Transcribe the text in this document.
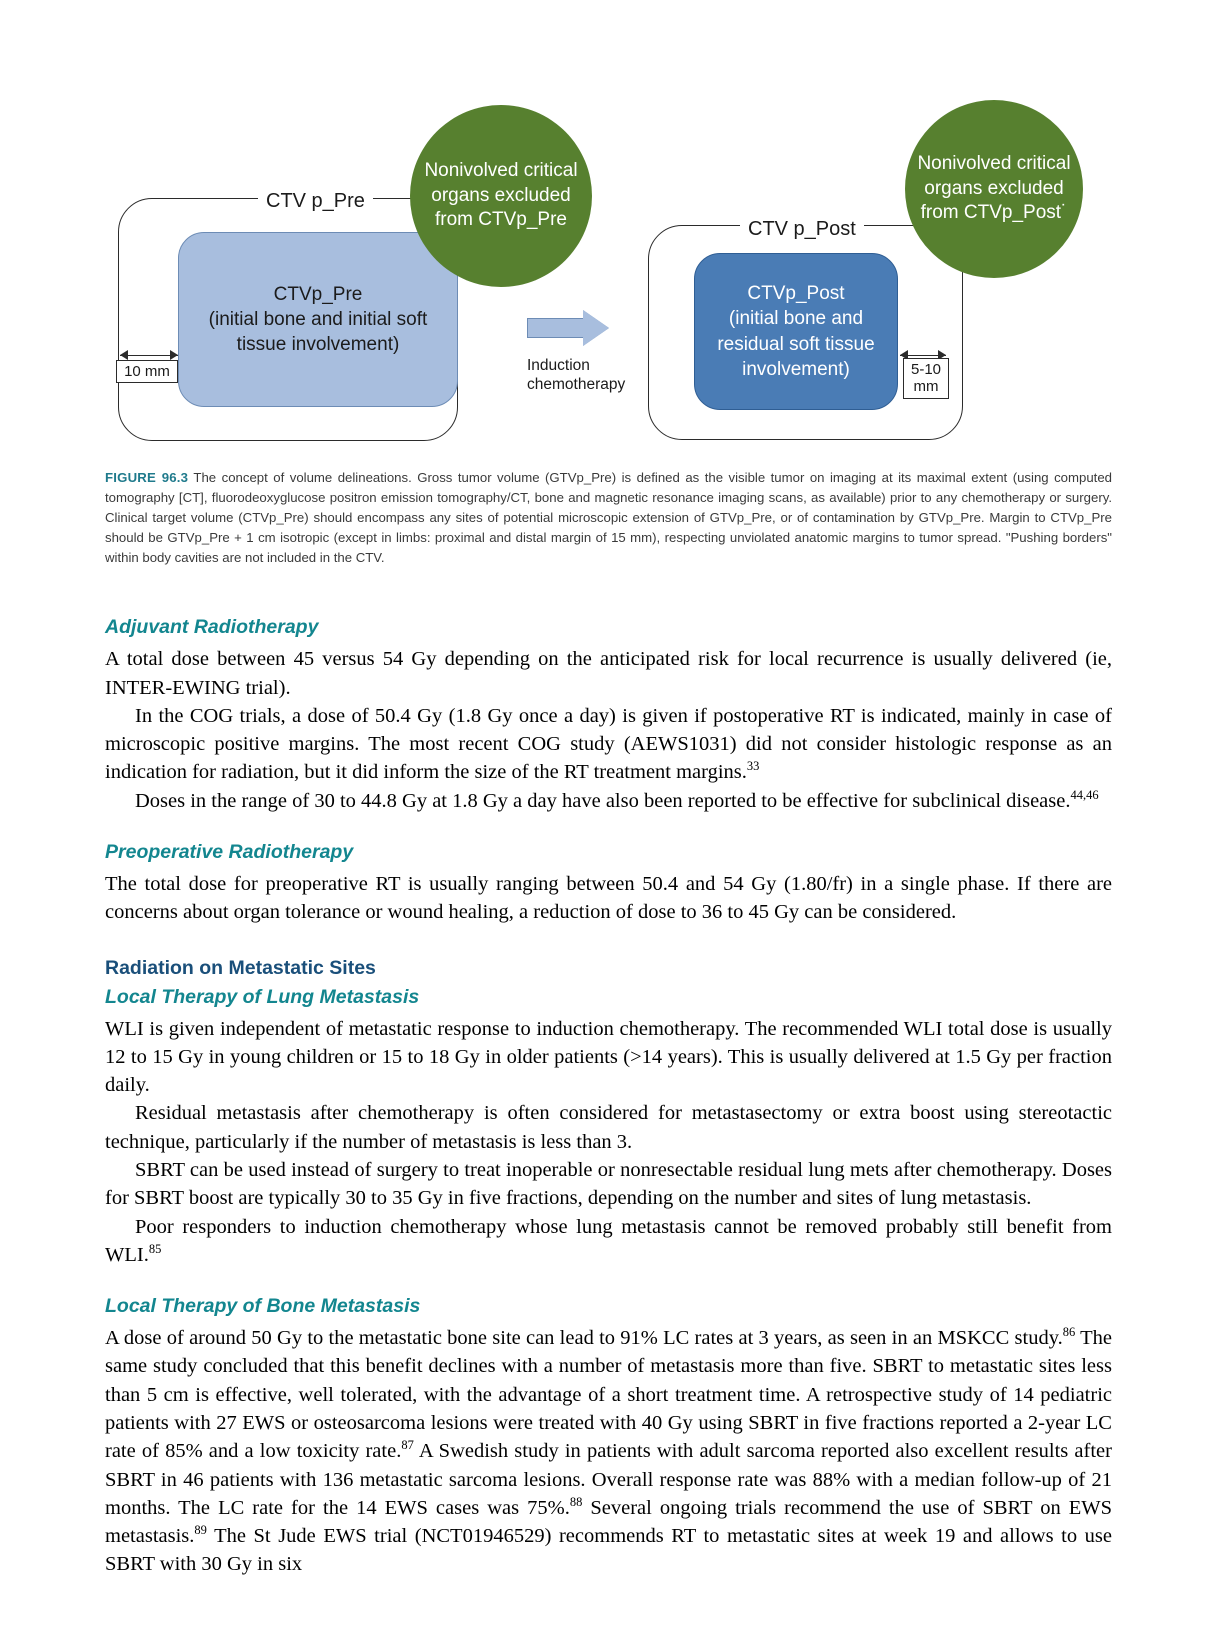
CTV p_Pre
CTVp_Pre
(initial bone and initial soft
tissue involvement)
10 mm
Nonivolved critical organs excluded from CTVp_Pre
Induction
chemotherapy
CTV p_Post
CTVp_Post
(initial bone and
residual soft tissue
involvement)	5-10 mm
Nonivolved critical organs excluded from CTVp_Post˙
FIGURE 96.3 The concept of volume delineations. Gross tumor volume (GTVp_Pre) is defined as the visible tumor on imaging at its maximal extent (using computed tomography [CT], fluorodeoxyglucose positron emission tomography/CT, bone and magnetic resonance imaging scans, as available) prior to any chemotherapy or surgery. Clinical target volume (CTVp_Pre) should encompass any sites of potential microscopic extension of GTVp_Pre, or of contamination by GTVp_Pre. Margin to CTVp_Pre should be GTVp_Pre + 1 cm isotropic (except in limbs: proximal and distal margin of 15 mm), respecting unviolated anatomic margins to tumor spread. "Pushing borders" within body cavities are not included in the CTV.
Adjuvant Radiotherapy

A total dose between 45 versus 54 Gy depending on the anticipated risk for local recurrence is usually delivered (ie, INTER-EWING trial).

In the COG trials, a dose of 50.4 Gy (1.8 Gy once a day) is given if postoperative RT is indicated, mainly in case of microscopic positive margins. The most recent COG study (AEWS1031) did not consider histologic response as an indication for radiation, but it did inform the size of the RT treatment margins.$^{33}$

Doses in the range of 30 to 44.8 Gy at 1.8 Gy a day have also been reported to be effective for subclinical disease.$^{44,46}$

Preoperative Radiotherapy

The total dose for preoperative RT is usually ranging between 50.4 and 54 Gy (1.80/fr) in a single phase. If there are concerns about organ tolerance or wound healing, a reduction of dose to 36 to 45 Gy can be considered.

Radiation on Metastatic Sites
Local Therapy of Lung Metastasis

WLI is given independent of metastatic response to induction chemotherapy. The recommended WLI total dose is usually 12 to 15 Gy in young children or 15 to 18 Gy in older patients (>14 years). This is usually delivered at 1.5 Gy per fraction daily.

Residual metastasis after chemotherapy is often considered for metastasectomy or extra boost using stereotactic technique, particularly if the number of metastasis is less than 3.

SBRT can be used instead of surgery to treat inoperable or nonresectable residual lung mets after chemotherapy. Doses for SBRT boost are typically 30 to 35 Gy in five fractions, depending on the number and sites of lung metastasis.

Poor responders to induction chemotherapy whose lung metastasis cannot be removed probably still benefit from WLI.$^{85}$

Local Therapy of Bone Metastasis

A dose of around 50 Gy to the metastatic bone site can lead to 91% LC rates at 3 years, as seen in an MSKCC study.$^{86}$ The same study concluded that this benefit declines with a number of metastasis more than five. SBRT to metastatic sites less than 5 cm is effective, well tolerated, with the advantage of a short treatment time. A retrospective study of 14 pediatric patients with 27 EWS or osteosarcoma lesions were treated with 40 Gy using SBRT in five fractions reported a 2-year LC rate of 85% and a low toxicity rate.$^{87}$ A Swedish study in patients with adult sarcoma reported also excellent results after SBRT in 46 patients with 136 metastatic sarcoma lesions. Overall response rate was 88% with a median follow-up of 21 months. The LC rate for the 14 EWS cases was 75%.$^{88}$ Several ongoing trials recommend the use of SBRT on EWS metastasis.$^{89}$ The St Jude EWS trial (NCT01946529) recommends RT to metastatic sites at week 19 and allows to use SBRT with 30 Gy in six
